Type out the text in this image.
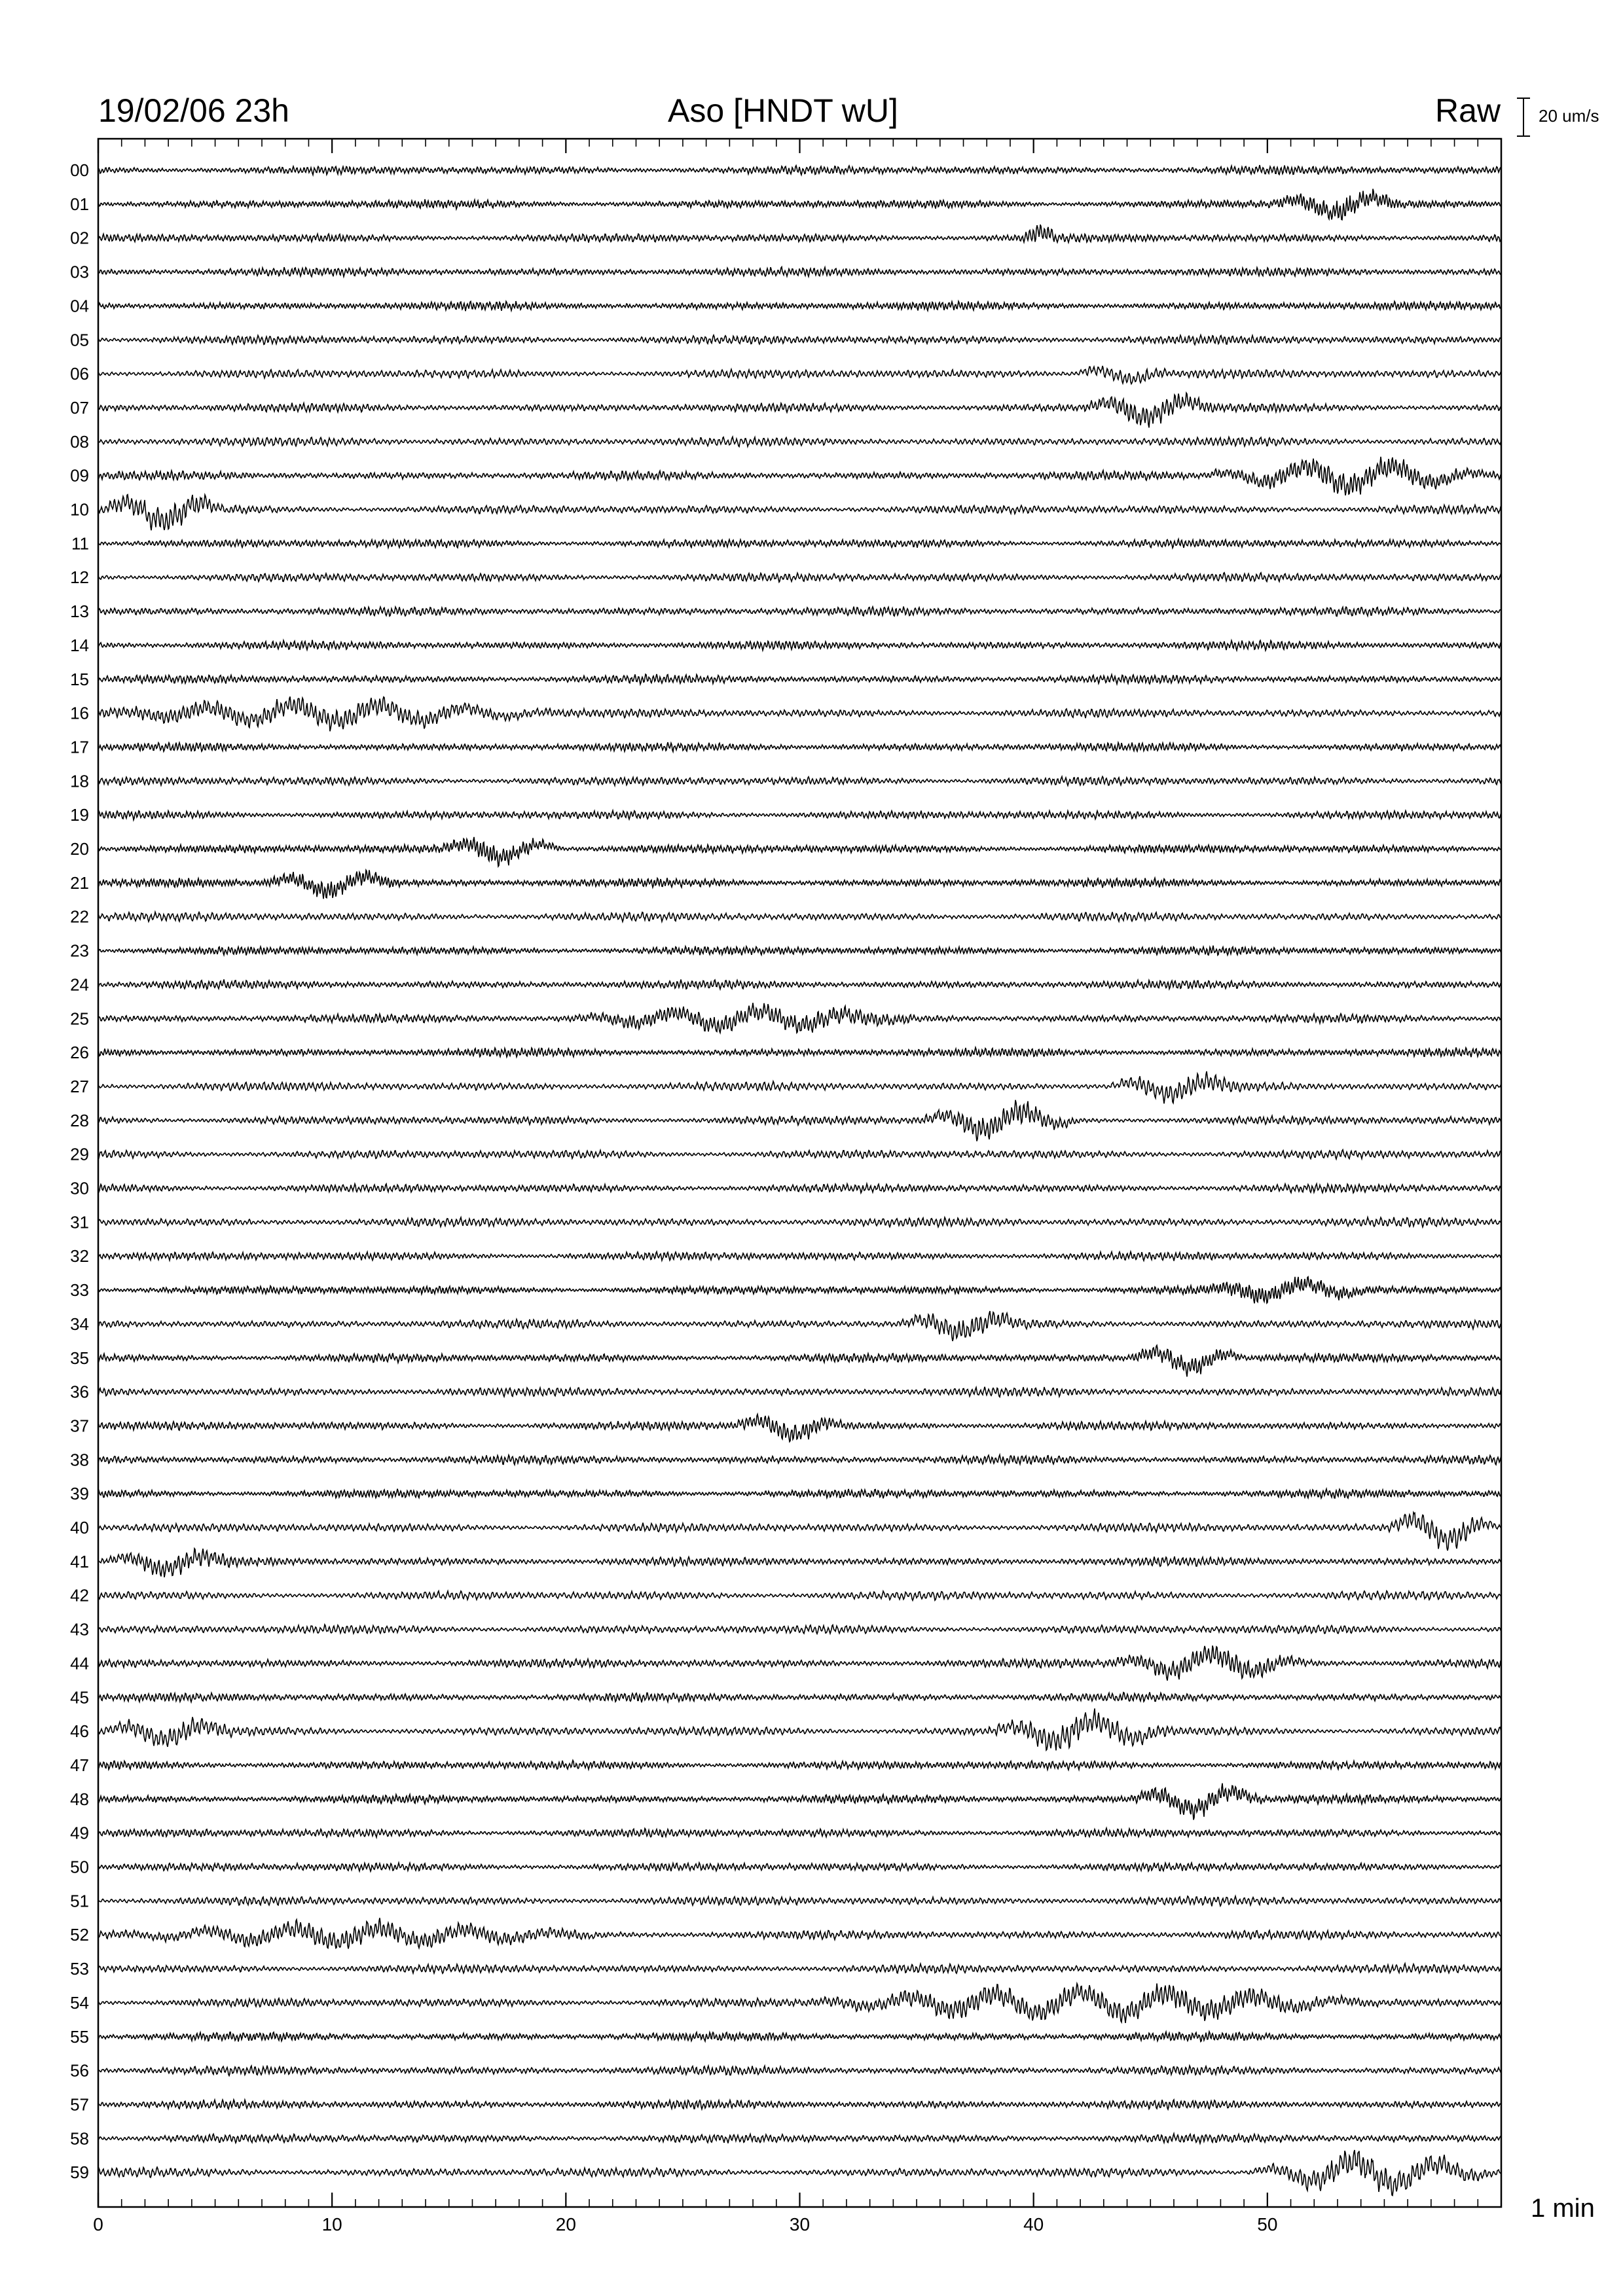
19/02/06 23h	Aso [HNDT wU]	Raw 20 um/s
1 min
0	10	20	30	40	50
00
01
02
03
04
05
06
07
08
09
10
11
12
13
14
15
16
17
18
19
20
21
22
23
24
25
26
27
28
29
30
31
32
33
34
35
36
37
38
39
40
41
42
43
44
45
46
47
48
49
50
51
52
53
54
55
56
57
58
59
